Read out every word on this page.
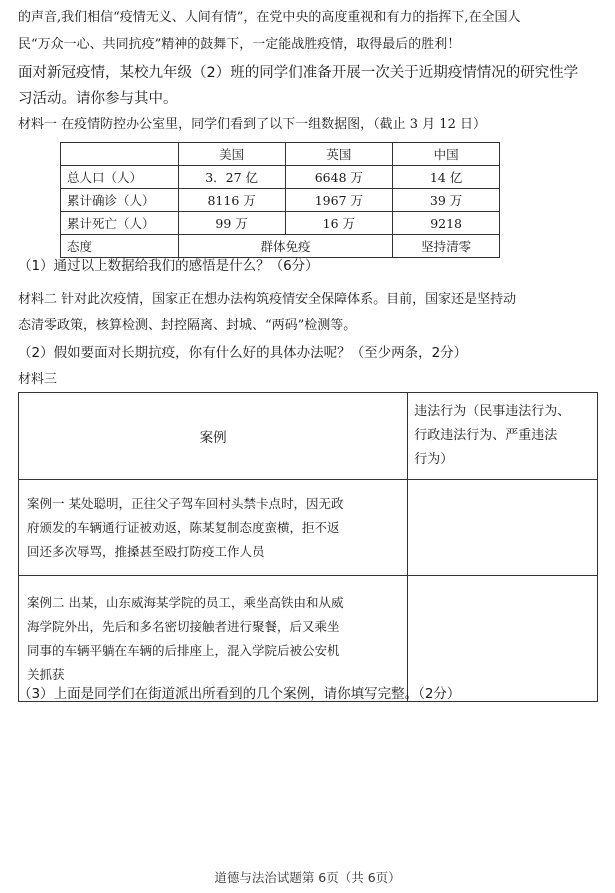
的声音,我们相信“疫情无义、人间有情”，在党中央的高度重视和有力的指挥下,在全国人
民“万众一心、共同抗疫”精神的鼓舞下，一定能战胜疫情，取得最后的胜利！
面对新冠疫情，某校九年级（2）班的同学们准备开展一次关于近期疫情情况的研究性学
习活动。请你参与其中。
材料一 在疫情防控办公室里，同学们看到了以下一组数据图，（截止 3 月 12 日）
	美国	英国	中国
总人口（人）	3．27 亿	6648 万	14 亿
累计确诊（人）	8116 万	1967 万	39 万
累计死亡（人）	99 万	16 万	9218
态度	群体免疫		坚持清零
（1）通过以上数据给我们的感悟是什么？（6分）
材料二 针对此次疫情，国家正在想办法构筑疫情安全保障体系。目前，国家还是坚持动
态清零政策，核算检测、封控隔离、封城、“两码”检测等。
（2）假如要面对长期抗疫，你有什么好的具体办法呢？（至少两条，2分）
材料三
案例	违法行为（民事违法行为、
行政违法行为、严重违法
行为）

案例一 某处聪明，正往父子驾车回村头禁卡点时，因无政
府颁发的车辆通行证被劝返，陈某复制态度蛮横，拒不返
回还多次辱骂，推搡甚至殴打防疫工作人员	

案例二 出某，山东威海某学院的员工，乘坐高铁由和从威
海学院外出，先后和多名密切接触者进行聚餐，后又乘坐
同事的车辆平躺在车辆的后排座上，混入学院后被公安机
关抓获	

（3）上面是同学们在街道派出所看到的几个案例，请你填写完整。（2分）
道德与法治试题第 6页（共 6页）
